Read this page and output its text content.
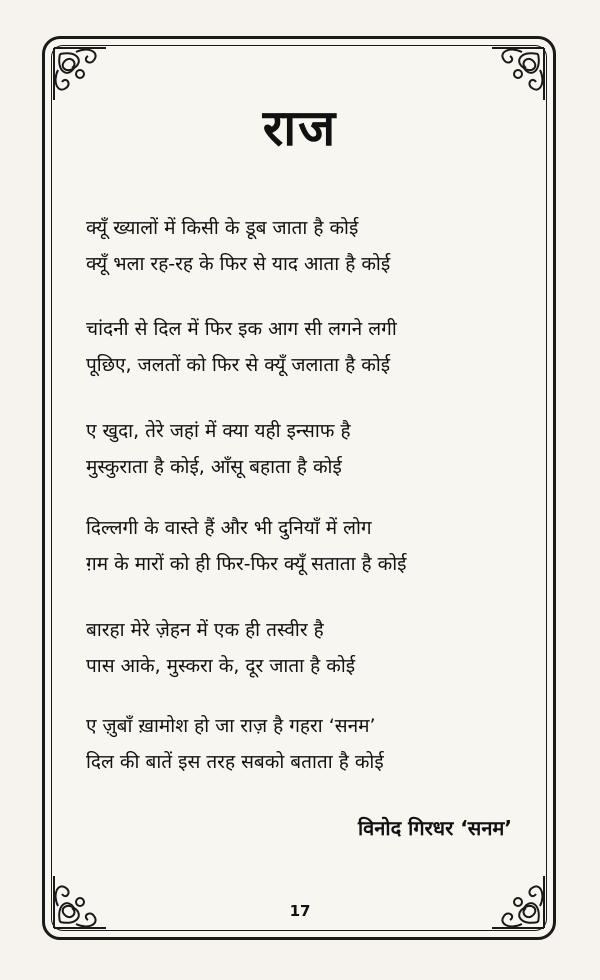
राज
क्यूँ ख्यालों में किसी के डूब जाता है कोई
क्यूँ भला रह-रह के फिर से याद आता है कोई
चांदनी से दिल में फिर इक आग सी लगने लगी
पूछिए, जलतों को फिर से क्यूँ जलाता है कोई
ए खुदा, तेरे जहां में क्या यही इन्साफ है
मुस्कुराता है कोई, आँसू बहाता है कोई
दिल्लगी के वास्ते हैं और भी दुनियाँ में लोग
ग़म के मारों को ही फिर-फिर क्यूँ सताता है कोई
बारहा मेरे ज़ेहन में एक ही तस्वीर है
पास आके, मुस्करा के, दूर जाता है कोई
ए ज़ुबाँ ख़ामोश हो जा राज़ है गहरा ‘सनम’
दिल की बातें इस तरह सबको बताता है कोई
विनोद गिरधर ‘सनम’
17
